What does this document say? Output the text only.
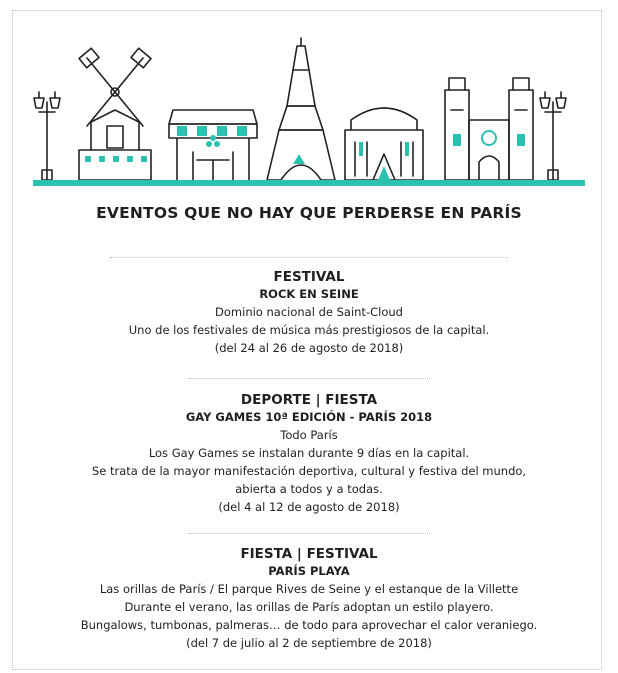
EVENTOS QUE NO HAY QUE PERDERSE EN PARÍS
FESTIVAL
ROCK EN SEINE
Dominio nacional de Saint-Cloud
Uno de los festivales de música más prestigiosos de la capital.
(del 24 al 26 de agosto de 2018)
DEPORTE | FIESTA
GAY GAMES 10ª EDICIÓN - PARÍS 2018
Todo París
Los Gay Games se instalan durante 9 días en la capital.
Se trata de la mayor manifestación deportiva, cultural y festiva del mundo,
abierta a todos y a todas.
(del 4 al 12 de agosto de 2018)
FIESTA | FESTIVAL
PARÍS PLAYA
Las orillas de París / El parque Rives de Seine y el estanque de la Villette
Durante el verano, las orillas de París adoptan un estilo playero.
Bungalows, tumbonas, palmeras… de todo para aprovechar el calor veraniego.
(del 7 de julio al 2 de septiembre de 2018)
